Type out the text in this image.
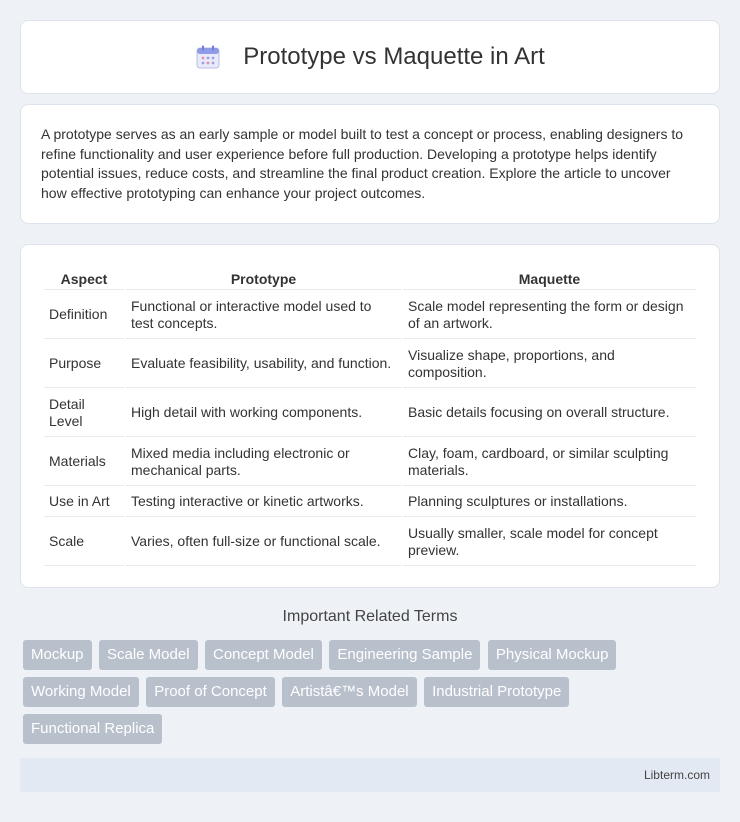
Prototype vs Maquette in Art

A prototype serves as an early sample or model built to test a concept or process, enabling designers to refine functionality and user experience before full production. Developing a prototype helps identify potential issues, reduce costs, and streamline the final product creation. Explore the article to uncover how effective prototyping can enhance your project outcomes.

Aspect	Prototype	Maquette
Definition	Functional or interactive model used to test concepts.	Scale model representing the form or design of an artwork.
Purpose	Evaluate feasibility, usability, and function.	Visualize shape, proportions, and composition.
Detail Level	High detail with working components.	Basic details focusing on overall structure.
Materials	Mixed media including electronic or mechanical parts.	Clay, foam, cardboard, or similar sculpting materials.
Use in Art	Testing interactive or kinetic artworks.	Planning sculptures or installations.
Scale	Varies, often full-size or functional scale.	Usually smaller, scale model for concept preview.
Important Related Terms
Mockup Scale Model Concept Model Engineering Sample Physical Mockup Working Model Proof of Concept Artistâ€™s Model Industrial Prototype Functional Replica
Libterm.com
